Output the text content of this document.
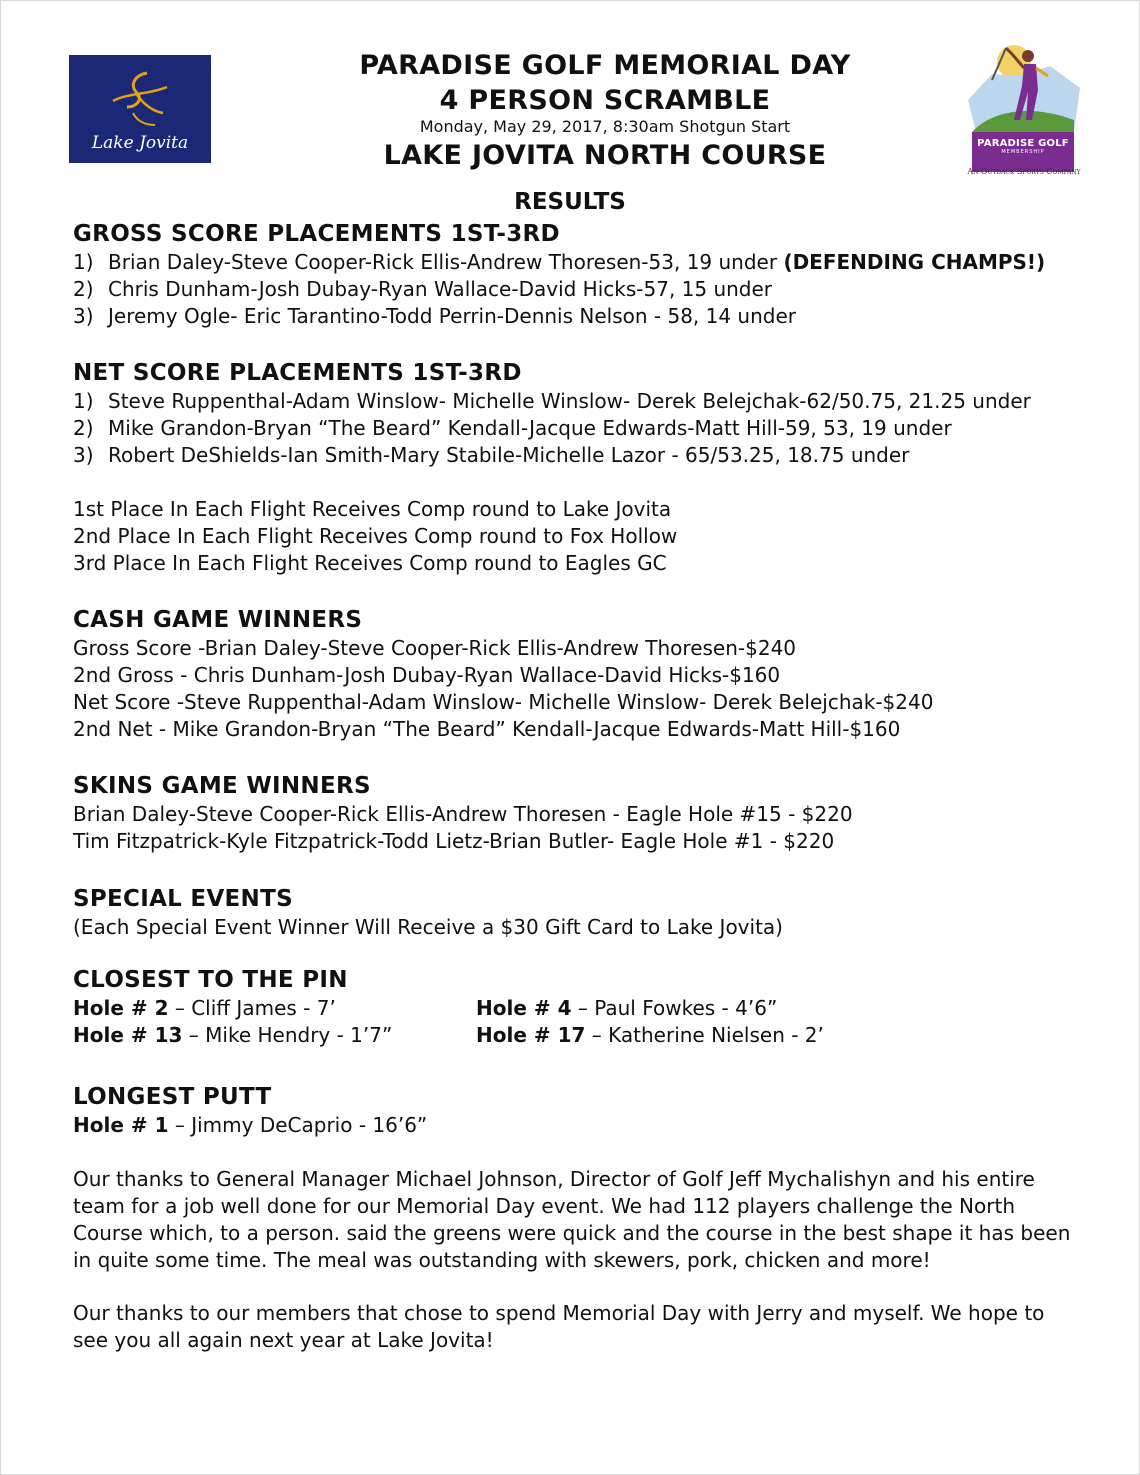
Lake Jovita	PARADISE GOLF
MEMBERSHIP
An Outback Sports Company
PARADISE GOLF MEMORIAL DAY
4 PERSON SCRAMBLE
Monday, May 29, 2017, 8:30am Shotgun Start
LAKE JOVITA NORTH COURSE
RESULTS
GROSS SCORE PLACEMENTS 1ST-3RD
1) Brian Daley-Steve Cooper-Rick Ellis-Andrew Thoresen-53, 19 under (DEFENDING CHAMPS!)
2) Chris Dunham-Josh Dubay-Ryan Wallace-David Hicks-57, 15 under
3) Jeremy Ogle- Eric Tarantino-Todd Perrin-Dennis Nelson - 58, 14 under
NET SCORE PLACEMENTS 1ST-3RD
1) Steve Ruppenthal-Adam Winslow- Michelle Winslow- Derek Belejchak-62/50.75, 21.25 under
2) Mike Grandon-Bryan “The Beard” Kendall-Jacque Edwards-Matt Hill-59, 53, 19 under
3) Robert DeShields-Ian Smith-Mary Stabile-Michelle Lazor - 65/53.25, 18.75 under
1st Place In Each Flight Receives Comp round to Lake Jovita
2nd Place In Each Flight Receives Comp round to Fox Hollow
3rd Place In Each Flight Receives Comp round to Eagles GC
CASH GAME WINNERS
Gross Score -Brian Daley-Steve Cooper-Rick Ellis-Andrew Thoresen-$240
2nd Gross - Chris Dunham-Josh Dubay-Ryan Wallace-David Hicks-$160
Net Score -Steve Ruppenthal-Adam Winslow- Michelle Winslow- Derek Belejchak-$240
2nd Net - Mike Grandon-Bryan “The Beard” Kendall-Jacque Edwards-Matt Hill-$160
SKINS GAME WINNERS
Brian Daley-Steve Cooper-Rick Ellis-Andrew Thoresen - Eagle Hole #15 - $220
Tim Fitzpatrick-Kyle Fitzpatrick-Todd Lietz-Brian Butler- Eagle Hole #1 - $220
SPECIAL EVENTS
(Each Special Event Winner Will Receive a $30 Gift Card to Lake Jovita)
CLOSEST TO THE PIN
Hole # 2 – Cliff James - 7’	Hole # 4 – Paul Fowkes - 4’6”
Hole # 13 – Mike Hendry - 1’7”	Hole # 17 – Katherine Nielsen - 2’
LONGEST PUTT
Hole # 1 – Jimmy DeCaprio - 16’6”
Our thanks to General Manager Michael Johnson, Director of Golf Jeff Mychalishyn and his entire team for a job well done for our Memorial Day event. We had 112 players challenge the North Course which, to a person. said the greens were quick and the course in the best shape it has been in quite some time. The meal was outstanding with skewers, pork, chicken and more!
Our thanks to our members that chose to spend Memorial Day with Jerry and myself. We hope to see you all again next year at Lake Jovita!
